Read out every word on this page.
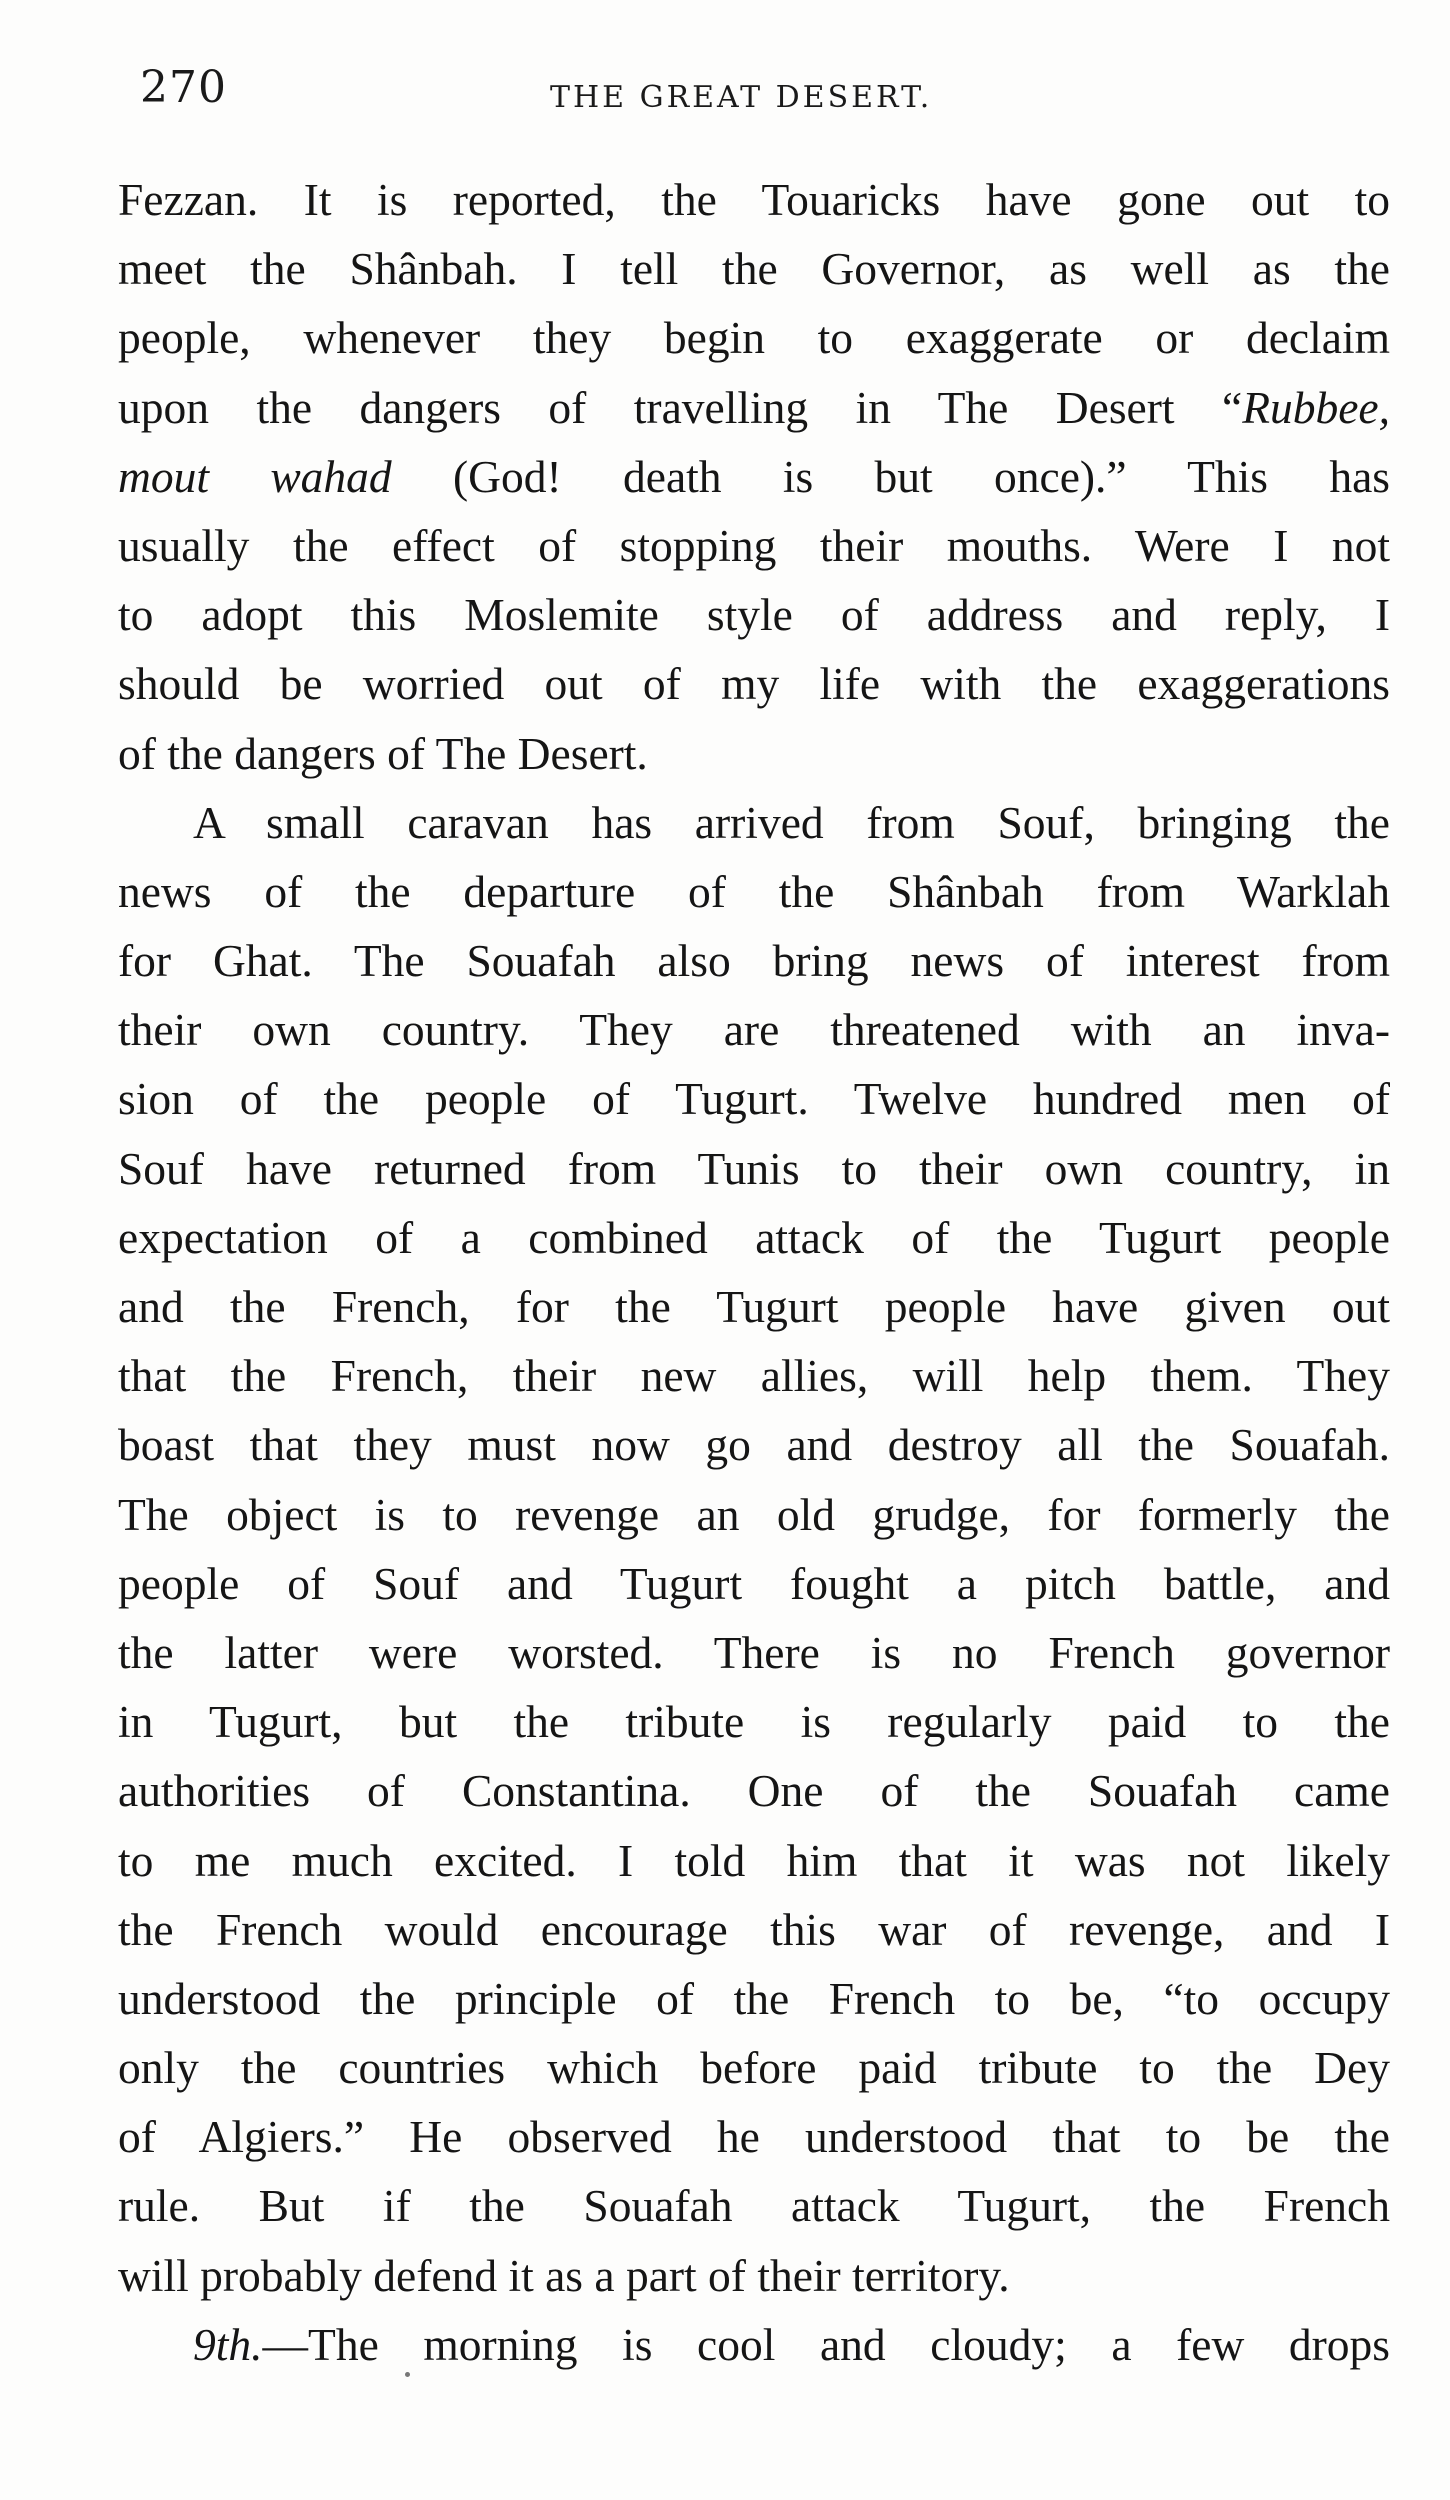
270	THE GREAT DESERT.
Fezzan. It is reported, the Touaricks have gone out to
meet the Shânbah. I tell the Governor, as well as the
people, whenever they begin to exaggerate or declaim
upon the dangers of travelling in The Desert “Rubbee,
mout wahad (God! death is but once).” This has
usually the effect of stopping their mouths. Were I not
to adopt this Moslemite style of address and reply, I
should be worried out of my life with the exaggerations
of the dangers of The Desert.
A small caravan has arrived from Souf, bringing the
news of the departure of the Shânbah from Warklah
for Ghat. The Souafah also bring news of interest from
their own country. They are threatened with an inva-
sion of the people of Tugurt. Twelve hundred men of
Souf have returned from Tunis to their own country, in
expectation of a combined attack of the Tugurt people
and the French, for the Tugurt people have given out
that the French, their new allies, will help them. They
boast that they must now go and destroy all the Souafah.
The object is to revenge an old grudge, for formerly the
people of Souf and Tugurt fought a pitch battle, and
the latter were worsted. There is no French governor
in Tugurt, but the tribute is regularly paid to the
authorities of Constantina. One of the Souafah came
to me much excited. I told him that it was not likely
the French would encourage this war of revenge, and I
understood the principle of the French to be, “to occupy
only the countries which before paid tribute to the Dey
of Algiers.” He observed he understood that to be the
rule. But if the Souafah attack Tugurt, the French
will probably defend it as a part of their territory.
9th.—The morning is cool and cloudy; a few drops
